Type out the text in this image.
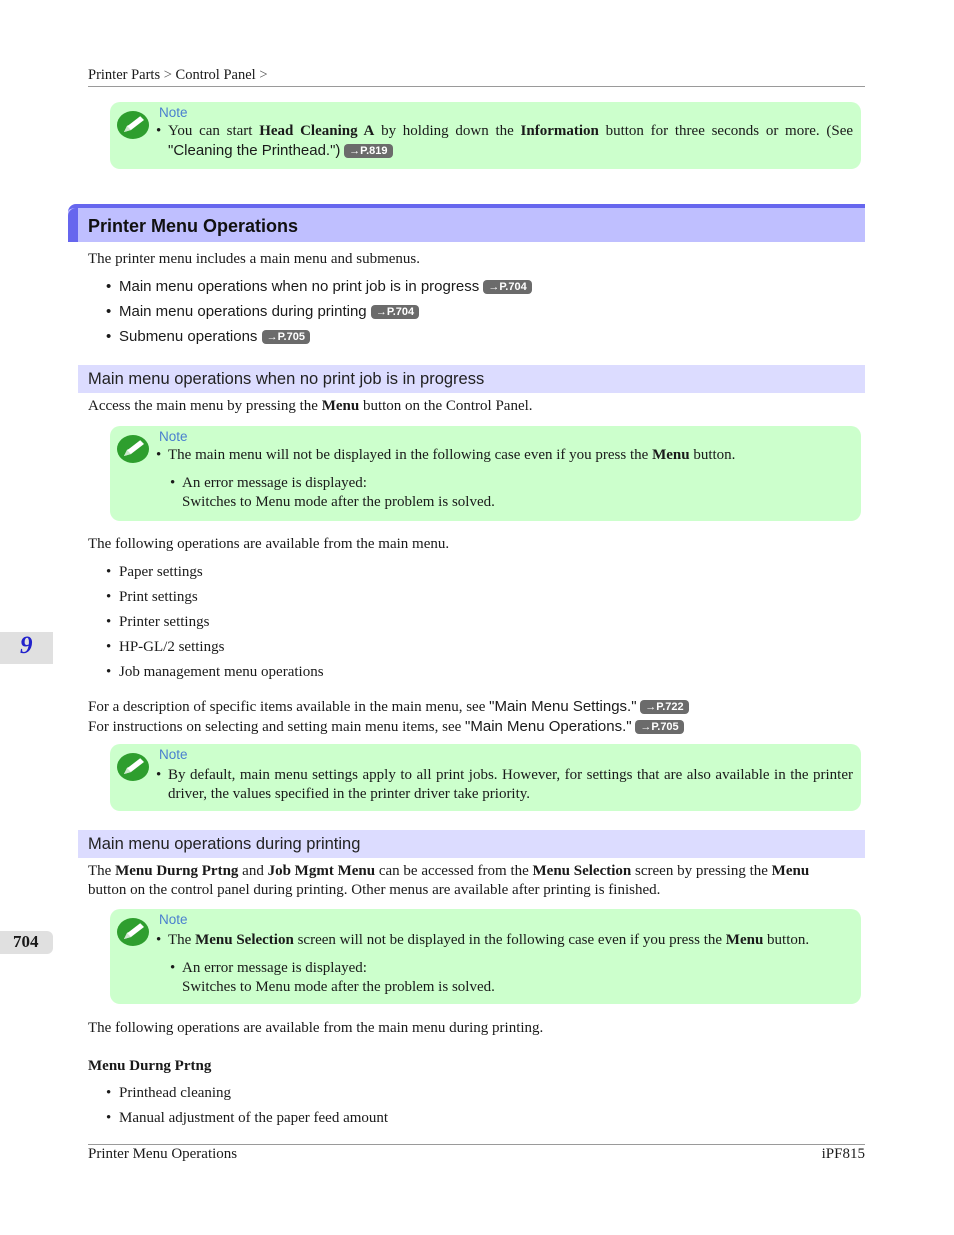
Printer Parts > Control Panel >
Note
• You can start Head Cleaning A by holding down the Information button for three seconds or more. (See "Cleaning the Printhead.") →P.819
Printer Menu Operations
The printer menu includes a main menu and submenus.
• Main menu operations when no print job is in progress →P.704
• Main menu operations during printing →P.704
• Submenu operations →P.705
Main menu operations when no print job is in progress
Access the main menu by pressing the Menu button on the Control Panel.
Note
• The main menu will not be displayed in the following case even if you press the Menu button.
• An error message is displayed:
Switches to Menu mode after the problem is solved.
The following operations are available from the main menu.
• Paper settings
• Print settings
• Printer settings
• HP-GL/2 settings
• Job management menu operations
For a description of specific items available in the main menu, see "Main Menu Settings." →P.722
For instructions on selecting and setting main menu items, see "Main Menu Operations." →P.705
Note
• By default, main menu settings apply to all print jobs. However, for settings that are also available in the printer driver, the values specified in the printer driver take priority.
Main menu operations during printing
The Menu Durng Prtng and Job Mgmt Menu can be accessed from the Menu Selection screen by pressing the Menu
button on the control panel during printing. Other menus are available after printing is finished.
Note
• The Menu Selection screen will not be displayed in the following case even if you press the Menu button.
• An error message is displayed:
Switches to Menu mode after the problem is solved.
The following operations are available from the main menu during printing.
Menu Durng Prtng
• Printhead cleaning
• Manual adjustment of the paper feed amount
Printer Menu Operations	iPF815
9
704
